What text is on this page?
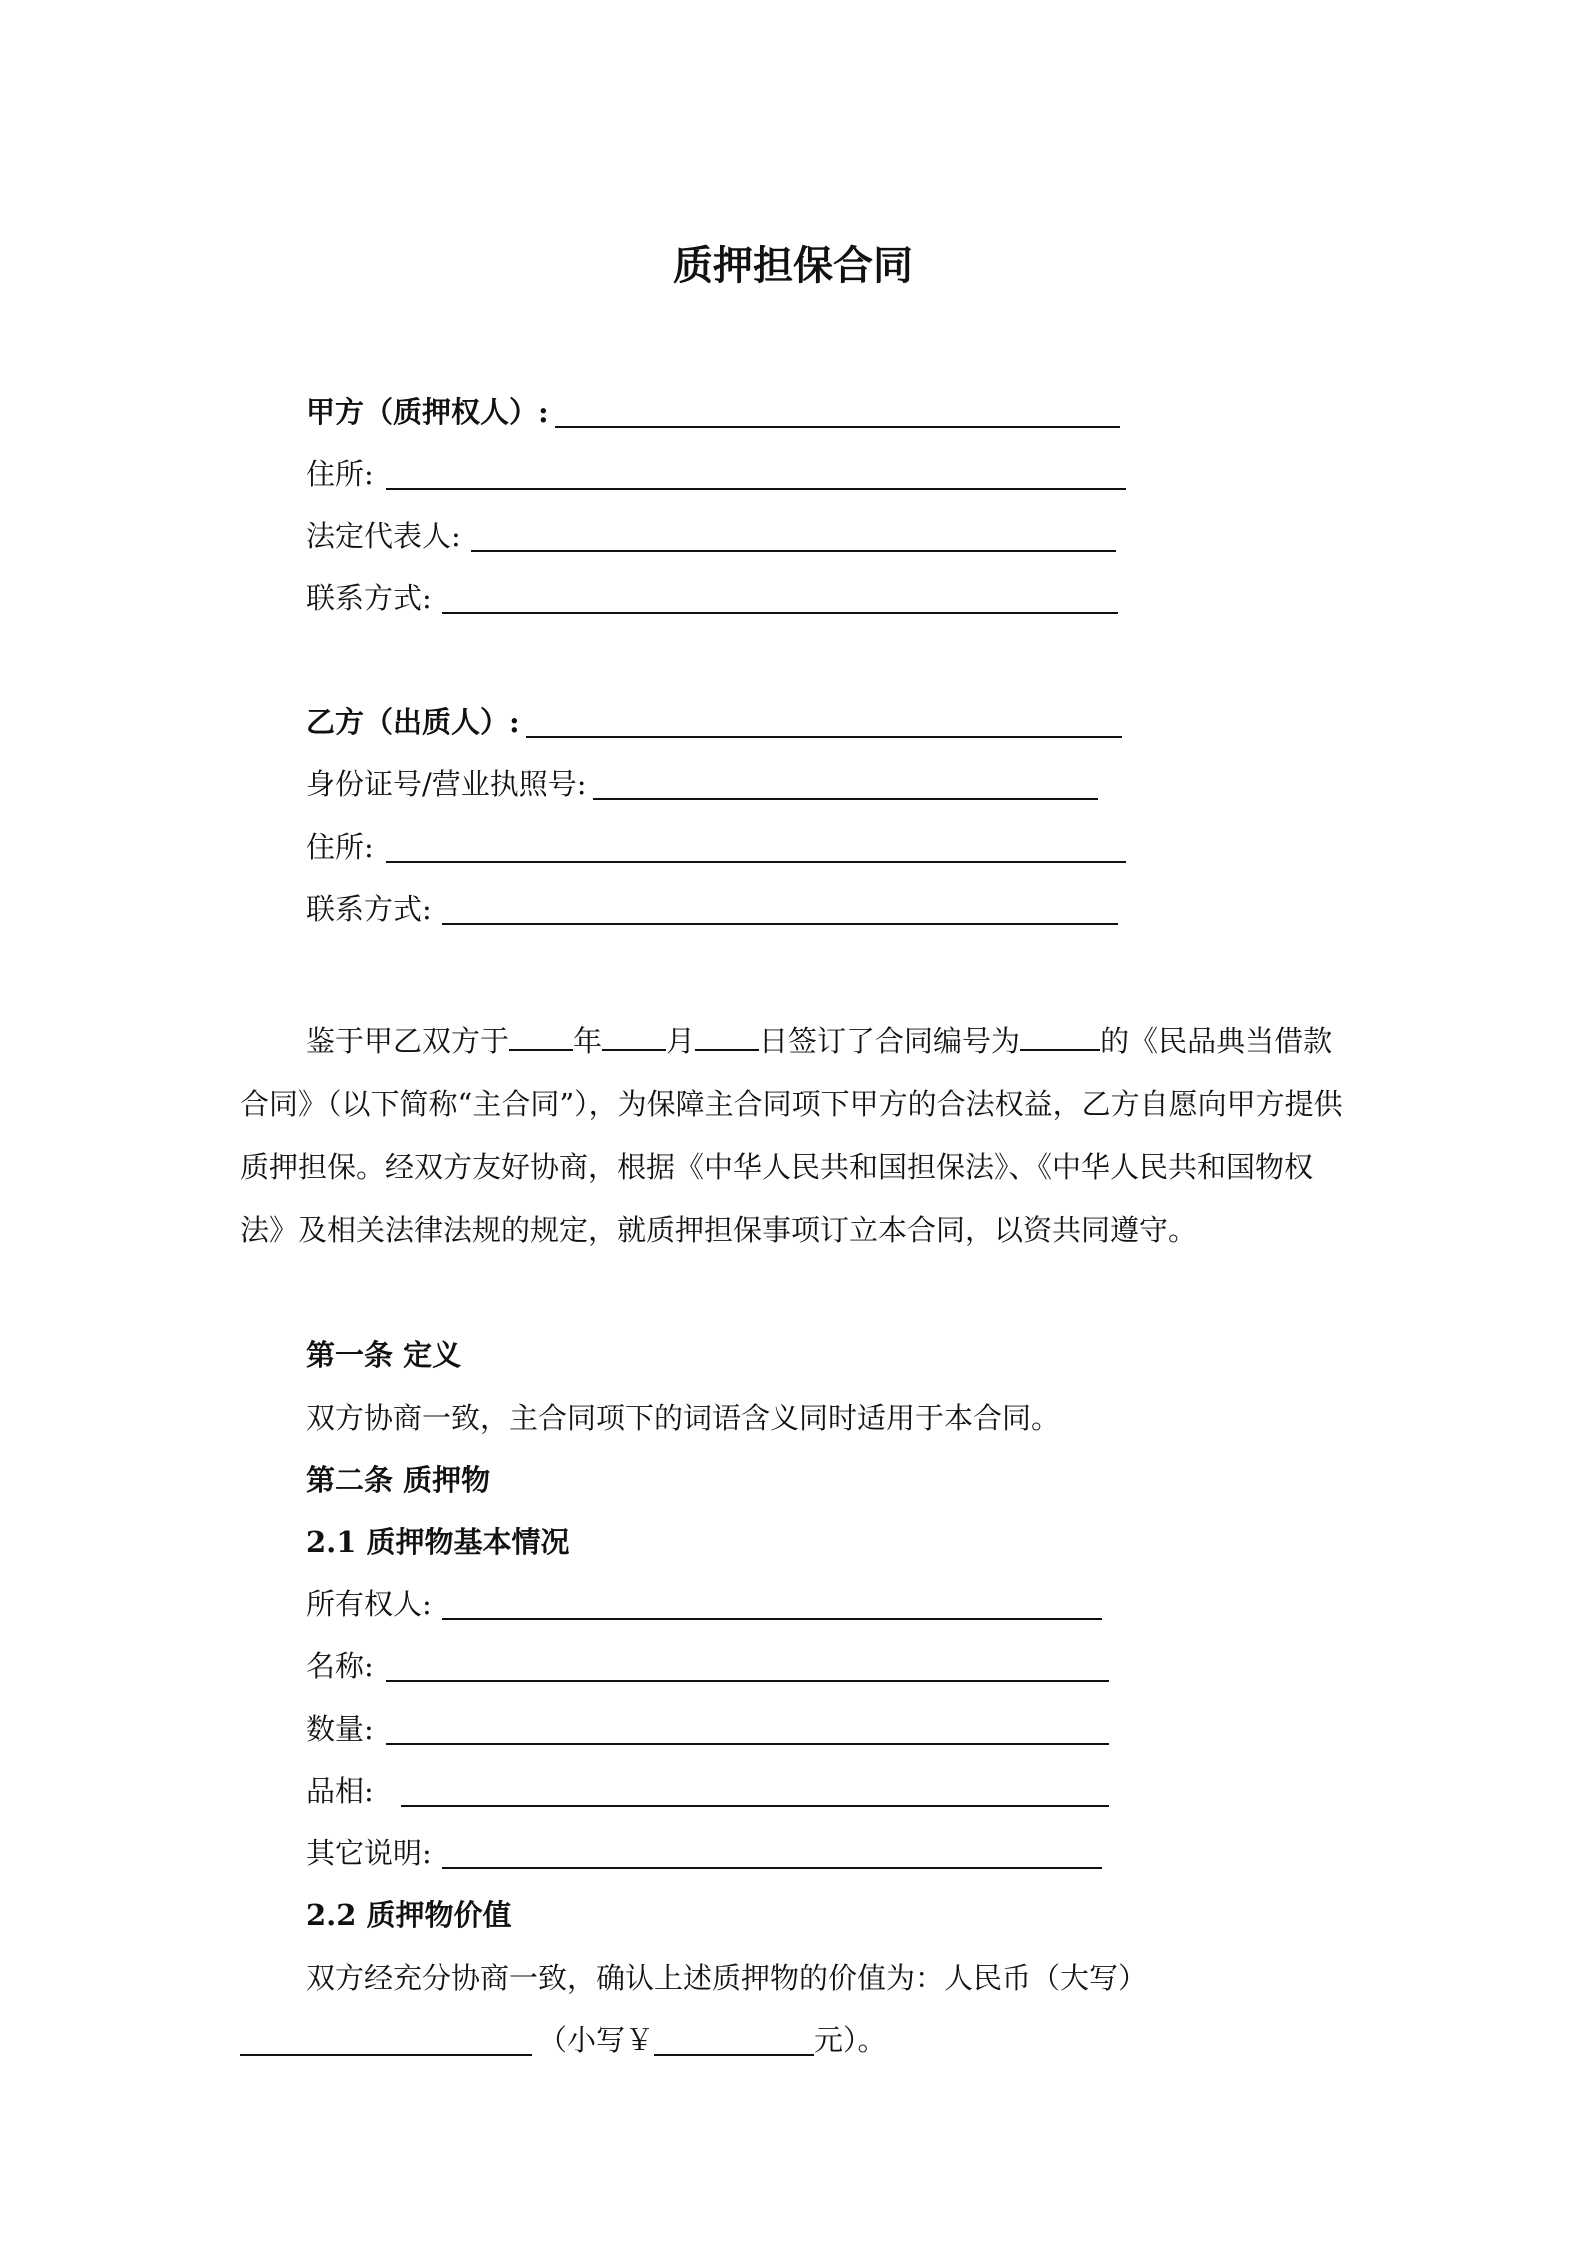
质押担保合同
甲方（质押权人）:
住所:
法定代表人:
联系方式:
乙方（出质人）:
身份证号/营业执照号:
住所:
联系方式:
鉴于甲乙双方于 年 月 日签订了合同编号为	的《民品典当借款合同》（以下简称“主合同”），为保障主合同项下甲方的合法权益，乙方自愿向甲方提供质押担保。经双方友好协商，根据《中华人民共和国担保法》、《中华人民共和国物权法》及相关法律法规的规定，就质押担保事项订立本合同，以资共同遵守。
第一条 定义
双方协商一致，主合同项下的词语含义同时适用于本合同。
第二条 质押物
2.1 质押物基本情况
所有权人:
名称:
数量:
品相:
其它说明:
2.2 质押物价值
双方经充分协商一致，确认上述质押物的价值为：人民币（大写）
（小写￥	元）。
